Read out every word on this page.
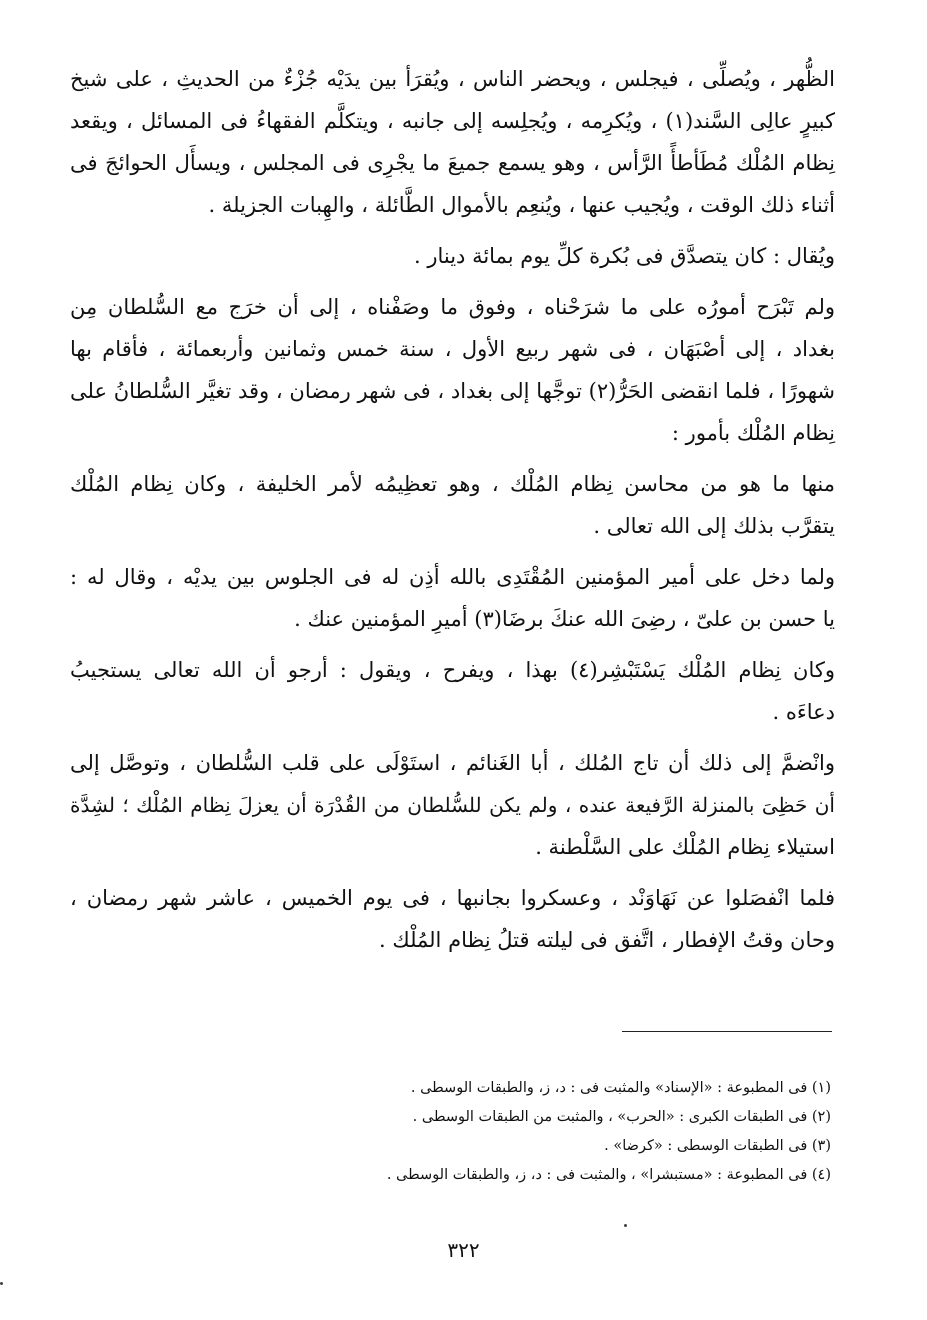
الظُّهر ، ويُصلِّى ، فيجلس ، ويحضر الناس ، ويُقرَأ بين يدَيْه جُزْءٌ من الحديثِ ، على شيخ
كبيرٍ عالِى السَّند(١) ، ويُكرِمه ، ويُجلِسه إلى جانبه ، ويتكلَّم الفقهاءُ فى المسائل ، ويقعد
نِظام المُلْك مُطَأطأً الرَّأس ، وهو يسمع جميعَ ما يجْرِى فى المجلس ، ويسأَل الحوائجَ فى
أثناء ذلك الوقت ، ويُجيب عنها ، ويُنعِم بالأموال الطَّائلة ، والهِبات الجزيلة .

ويُقال : كان يتصدَّق فى بُكرة كلِّ يوم بمائة دينار .

ولم تَبْرَح أمورُه على ما شرَحْناه ، وفوق ما وصَفْناه ، إلى أن خرَج مع السُّلطان مِن
بغداد ، إلى أصْبَهَان ، فى شهر ربيع الأول ، سنة خمس وثمانين وأربعمائة ، فأقام بها
شهورًا ، فلما انقضى الحَرُّ(٢) توجَّها إلى بغداد ، فى شهر رمضان ، وقد تغيَّر السُّلطانُ على
نِظام المُلْك بأمور :

منها ما هو من محاسن نِظام المُلْك ، وهو تعظِيمُه لأمر الخليفة ، وكان نِظام المُلْك
يتقرَّب بذلك إلى الله تعالى .

ولما دخل على أمير المؤمنين المُقْتَدِى بالله أذِن له فى الجلوس بين يديْه ، وقال له :
يا حسن بن علىّ ، رضِىَ الله عنكَ برضَا(٣) أميرِ المؤمنين عنك .

وكان نِظام المُلْك يَسْتَبْشِر(٤) بهذا ، ويفرح ، ويقول : أرجو أن الله تعالى يستجيبُ
دعاءَه .

وانْضمَّ إلى ذلك أن تاج المُلك ، أبا الغَنائم ، استَوْلَى على قلب السُّلطان ، وتوصَّل إلى
أن حَظِىَ بالمنزلة الرَّفيعة عنده ، ولم يكن للسُّلطان من القُدْرَة أن يعزلَ نِظام المُلْك ؛ لشِدَّة
استيلاء نِظام المُلْك على السَّلْطنة .

فلما انْفصَلوا عن نَهَاوَنْد ، وعسكروا بجانبها ، فى يوم الخميس ، عاشر شهر رمضان ،
وحان وقتُ الإفطار ، اتَّفق فى ليلته قتلُ نِظام المُلْك .

(١) فى المطبوعة : «الإسناد» والمثبت فى : د، ز، والطبقات الوسطى .

(٢) فى الطبقات الكبرى : «الحرب» ، والمثبت من الطبقات الوسطى .

(٣) فى الطبقات الوسطى : «كرضا» .

(٤) فى المطبوعة : «مستبشرا» ، والمثبت فى : د، ز، والطبقات الوسطى .

٣٢٢
